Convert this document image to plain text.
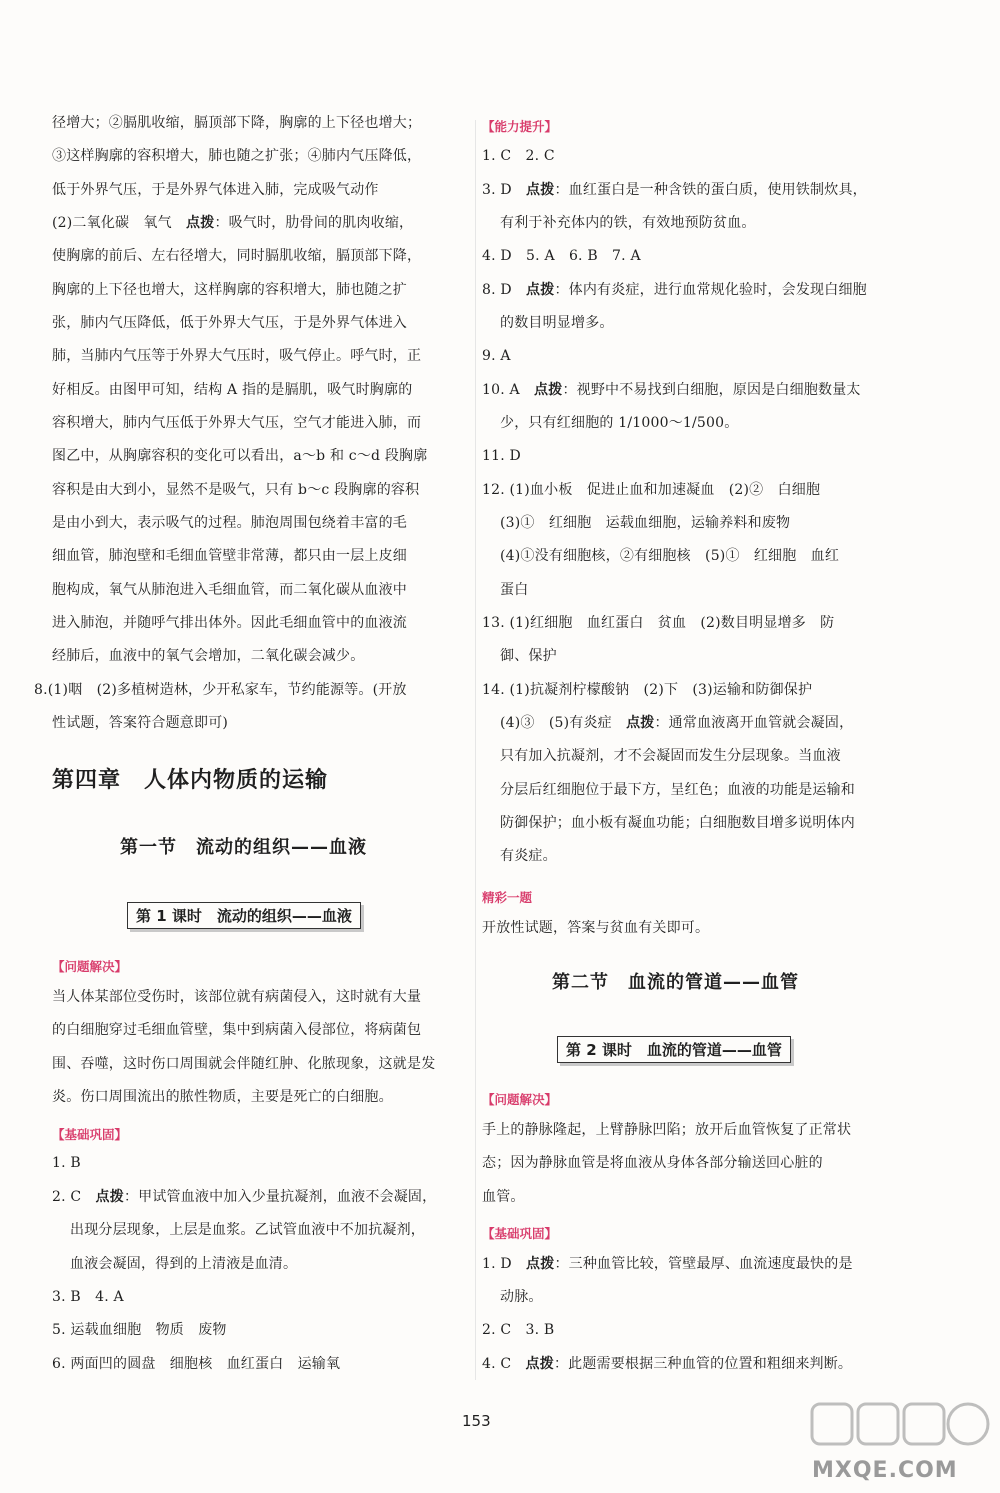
径增大；②膈肌收缩，膈顶部下降，胸廓的上下径也增大；
③这样胸廓的容积增大，肺也随之扩张；④肺内气压降低，
低于外界气压，于是外界气体进入肺，完成吸气动作
(2)二氧化碳　氧气　点拨：吸气时，肋骨间的肌肉收缩，
使胸廓的前后、左右径增大，同时膈肌收缩，膈顶部下降，
胸廓的上下径也增大，这样胸廓的容积增大，肺也随之扩
张，肺内气压降低，低于外界大气压，于是外界气体进入
肺，当肺内气压等于外界大气压时，吸气停止。呼气时，正
好相反。由图甲可知，结构 A 指的是膈肌，吸气时胸廓的
容积增大，肺内气压低于外界大气压，空气才能进入肺，而
图乙中，从胸廓容积的变化可以看出，a～b 和 c～d 段胸廓
容积是由大到小，显然不是吸气，只有 b～c 段胸廓的容积
是由小到大，表示吸气的过程。肺泡周围包绕着丰富的毛
细血管，肺泡壁和毛细血管壁非常薄，都只由一层上皮细
胞构成，氧气从肺泡进入毛细血管，而二氧化碳从血液中
进入肺泡，并随呼气排出体外。因此毛细血管中的血液流
经肺后，血液中的氧气会增加，二氧化碳会减少。
8.(1)咽　(2)多植树造林，少开私家车，节约能源等。(开放
性试题，答案符合题意即可)
第四章　人体内物质的运输
第一节　流动的组织——血液
第 1 课时　流动的组织——血液
【问题解决】
当人体某部位受伤时，该部位就有病菌侵入，这时就有大量
的白细胞穿过毛细血管壁，集中到病菌入侵部位，将病菌包
围、吞噬，这时伤口周围就会伴随红肿、化脓现象，这就是发
炎。伤口周围流出的脓性物质，主要是死亡的白细胞。
【基础巩固】
1. B
2. C　点拨：甲试管血液中加入少量抗凝剂，血液不会凝固，
出现分层现象，上层是血浆。乙试管血液中不加抗凝剂，
血液会凝固，得到的上清液是血清。
3. B　4. A
5. 运载血细胞　物质　废物
6. 两面凹的圆盘　细胞核　血红蛋白　运输氧
【能力提升】
1. C　2. C
3. D　点拨：血红蛋白是一种含铁的蛋白质，使用铁制炊具，
有利于补充体内的铁，有效地预防贫血。
4. D　5. A　6. B　7. A
8. D　点拨：体内有炎症，进行血常规化验时，会发现白细胞
的数目明显增多。
9. A
10. A　点拨：视野中不易找到白细胞，原因是白细胞数量太
少，只有红细胞的 1/1000～1/500。
11. D
12. (1)血小板　促进止血和加速凝血　(2)②　白细胞
(3)①　红细胞　运载血细胞，运输养料和废物
(4)①没有细胞核，②有细胞核　(5)①　红细胞　血红
蛋白
13. (1)红细胞　血红蛋白　贫血　(2)数目明显增多　防
御、保护
14. (1)抗凝剂柠檬酸钠　(2)下　(3)运输和防御保护
(4)③　(5)有炎症　点拨：通常血液离开血管就会凝固，
只有加入抗凝剂，才不会凝固而发生分层现象。当血液
分层后红细胞位于最下方，呈红色；血液的功能是运输和
防御保护；血小板有凝血功能；白细胞数目增多说明体内
有炎症。
精彩一题
开放性试题，答案与贫血有关即可。
第二节　血流的管道——血管
第 2 课时　血流的管道——血管
【问题解决】
手上的静脉隆起，上臂静脉凹陷；放开后血管恢复了正常状
态；因为静脉血管是将血液从身体各部分输送回心脏的
血管。
【基础巩固】
1. D　点拨：三种血管比较，管壁最厚、血流速度最快的是
动脉。
2. C　3. B
4. C　点拨：此题需要根据三种血管的位置和粗细来判断。
153
MXQE.COM
